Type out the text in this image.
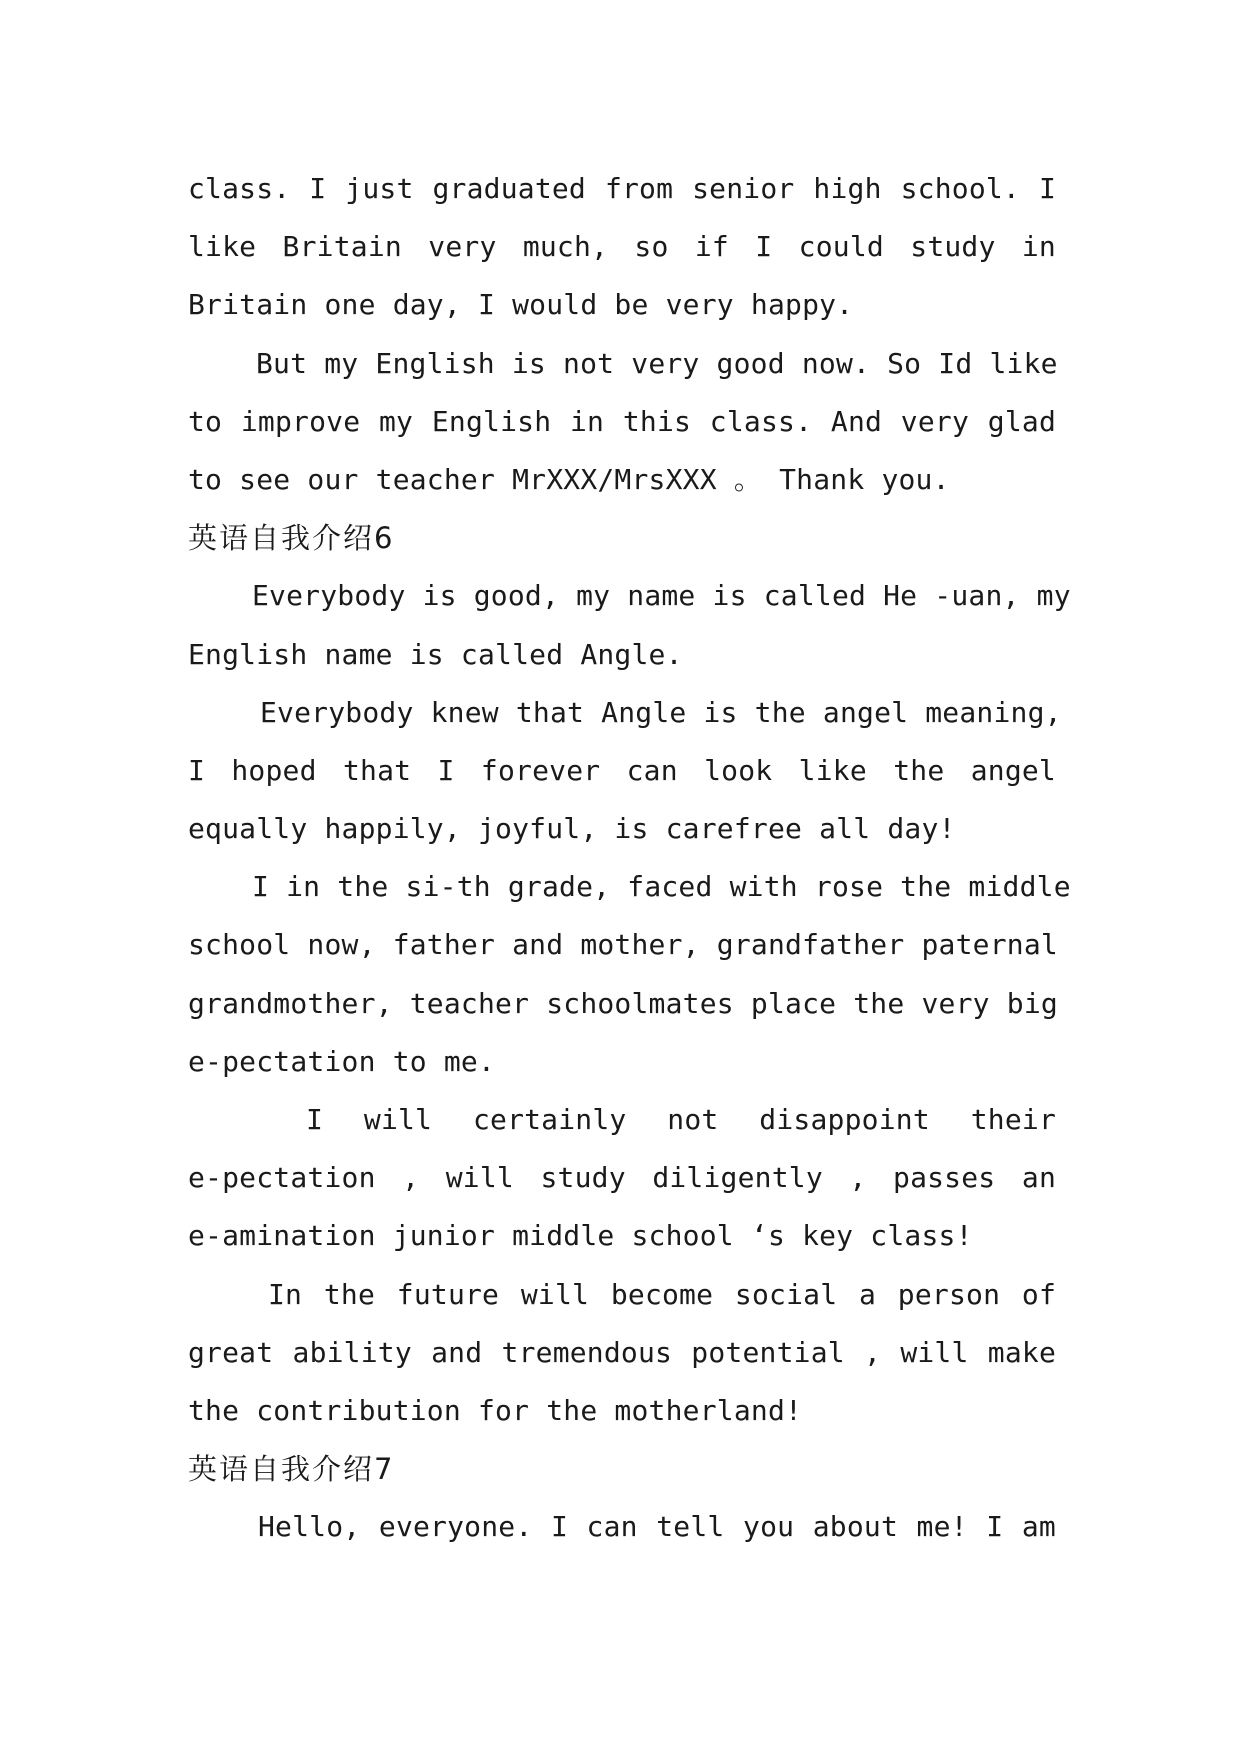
class. I just graduated from senior high school. I
like Britain very much, so if I could study in
Britain one day, I would be very happy.
But my English is not very good now. So Id like
to improve my English in this class. And very glad
to see our teacher MrXXX/MrsXXX 。 Thank you.
英语自我介绍6
Everybody is good, my name is called He -uan, my
English name is called Angle.
Everybody knew that Angle is the angel meaning,
I hoped that I forever can look like the angel
equally happily, joyful, is carefree all day!
I in the si-th grade, faced with rose the middle
school now, father and mother, grandfather paternal
grandmother, teacher schoolmates place the very big
e-pectation to me.
I will certainly not disappoint their
e-pectation , will study diligently , passes an
e-amination junior middle school ‘s key class!
In the future will become social a person of
great ability and tremendous potential , will make
the contribution for the motherland!
英语自我介绍7
Hello, everyone. I can tell you about me! I am
